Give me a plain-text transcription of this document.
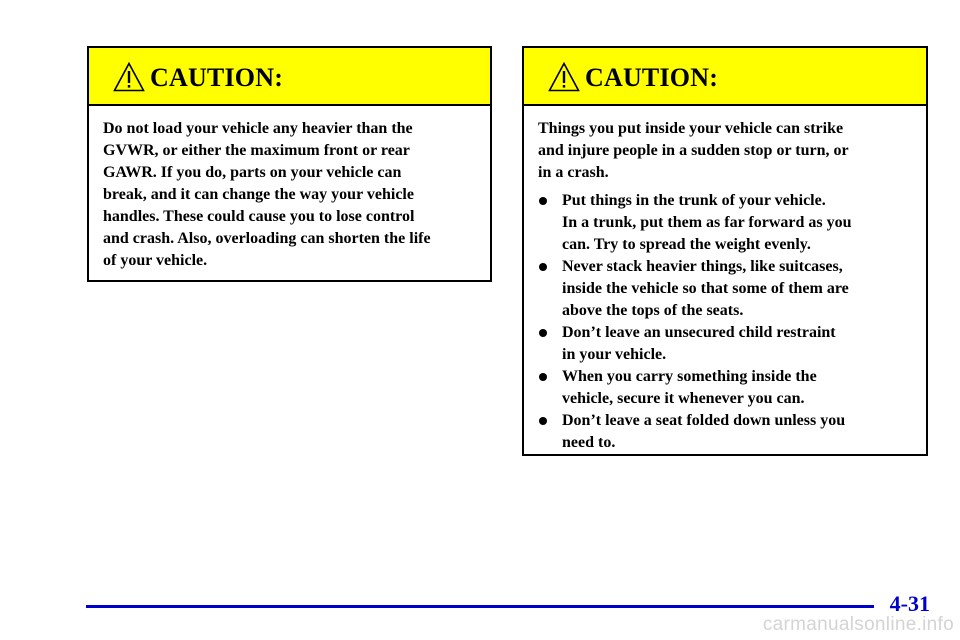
CAUTION:

Do not load your vehicle any heavier than the
GVWR, or either the maximum front or rear
GAWR. If you do, parts on your vehicle can
break, and it can change the way your vehicle
handles. These could cause you to lose control
and crash. Also, overloading can shorten the life
of your vehicle.

CAUTION:

Things you put inside your vehicle can strike
and injure people in a sudden stop or turn, or
in a crash.

Put things in the trunk of your vehicle.
In a trunk, put them as far forward as you
can. Try to spread the weight evenly.
Never stack heavier things, like suitcases,
inside the vehicle so that some of them are
above the tops of the seats.
Don’t leave an unsecured child restraint
in your vehicle.
When you carry something inside the
vehicle, secure it whenever you can.
Don’t leave a seat folded down unless you
need to.
4-31
carmanualsonline.info
